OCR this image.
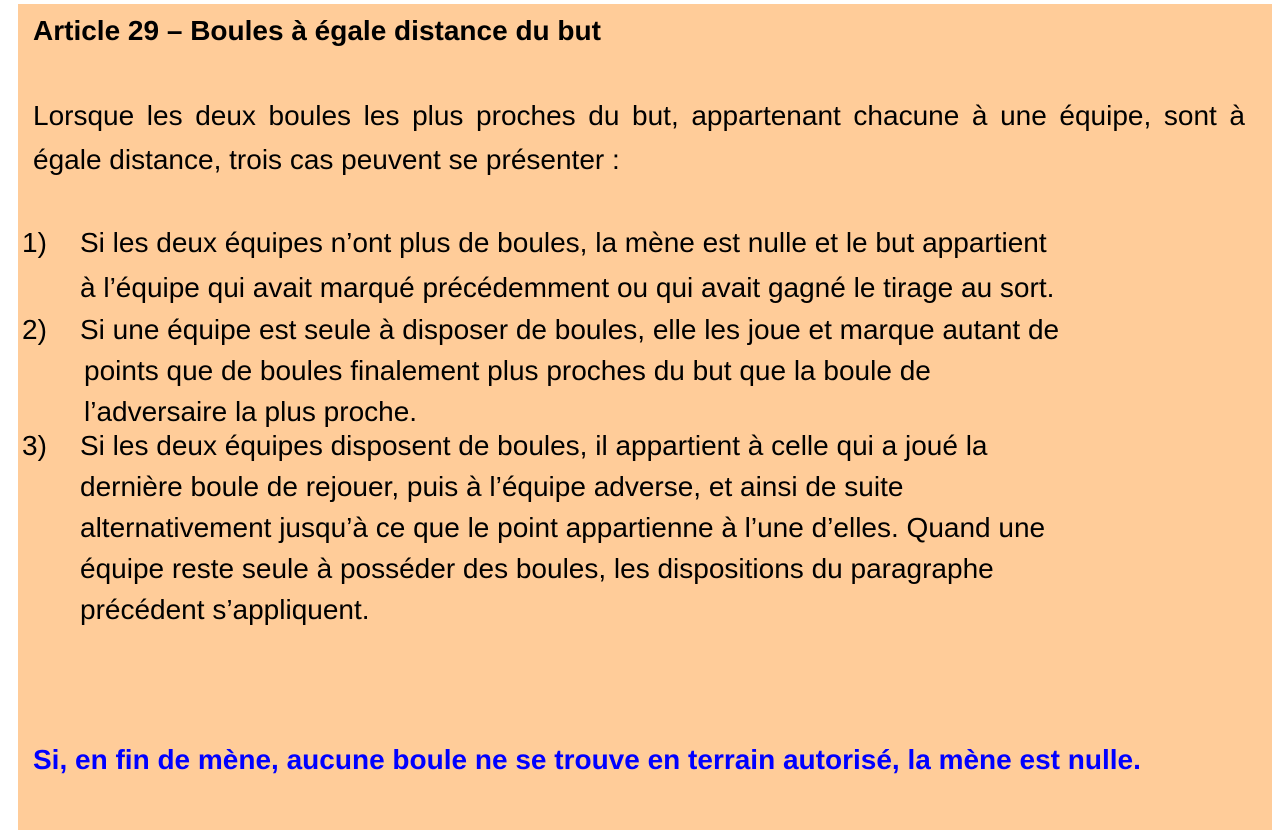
Article 29 – Boules à égale distance du but
Lorsque les deux boules les plus proches du but, appartenant chacune à une équipe, sont à égale distance, trois cas peuvent se présenter :
1) Si les deux équipes n’ont plus de boules, la mène est nulle et le but appartient
à l’équipe qui avait marqué précédemment ou qui avait gagné le tirage au sort.
2) Si une équipe est seule à disposer de boules, elle les joue et marque autant de
points que de boules finalement plus proches du but que la boule de
l’adversaire la plus proche.
3) Si les deux équipes disposent de boules, il appartient à celle qui a joué la
dernière boule de rejouer, puis à l’équipe adverse, et ainsi de suite
alternativement jusqu’à ce que le point appartienne à l’une d’elles. Quand une
équipe reste seule à posséder des boules, les dispositions du paragraphe
précédent s’appliquent.
Si, en fin de mène, aucune boule ne se trouve en terrain autorisé, la mène est nulle.
